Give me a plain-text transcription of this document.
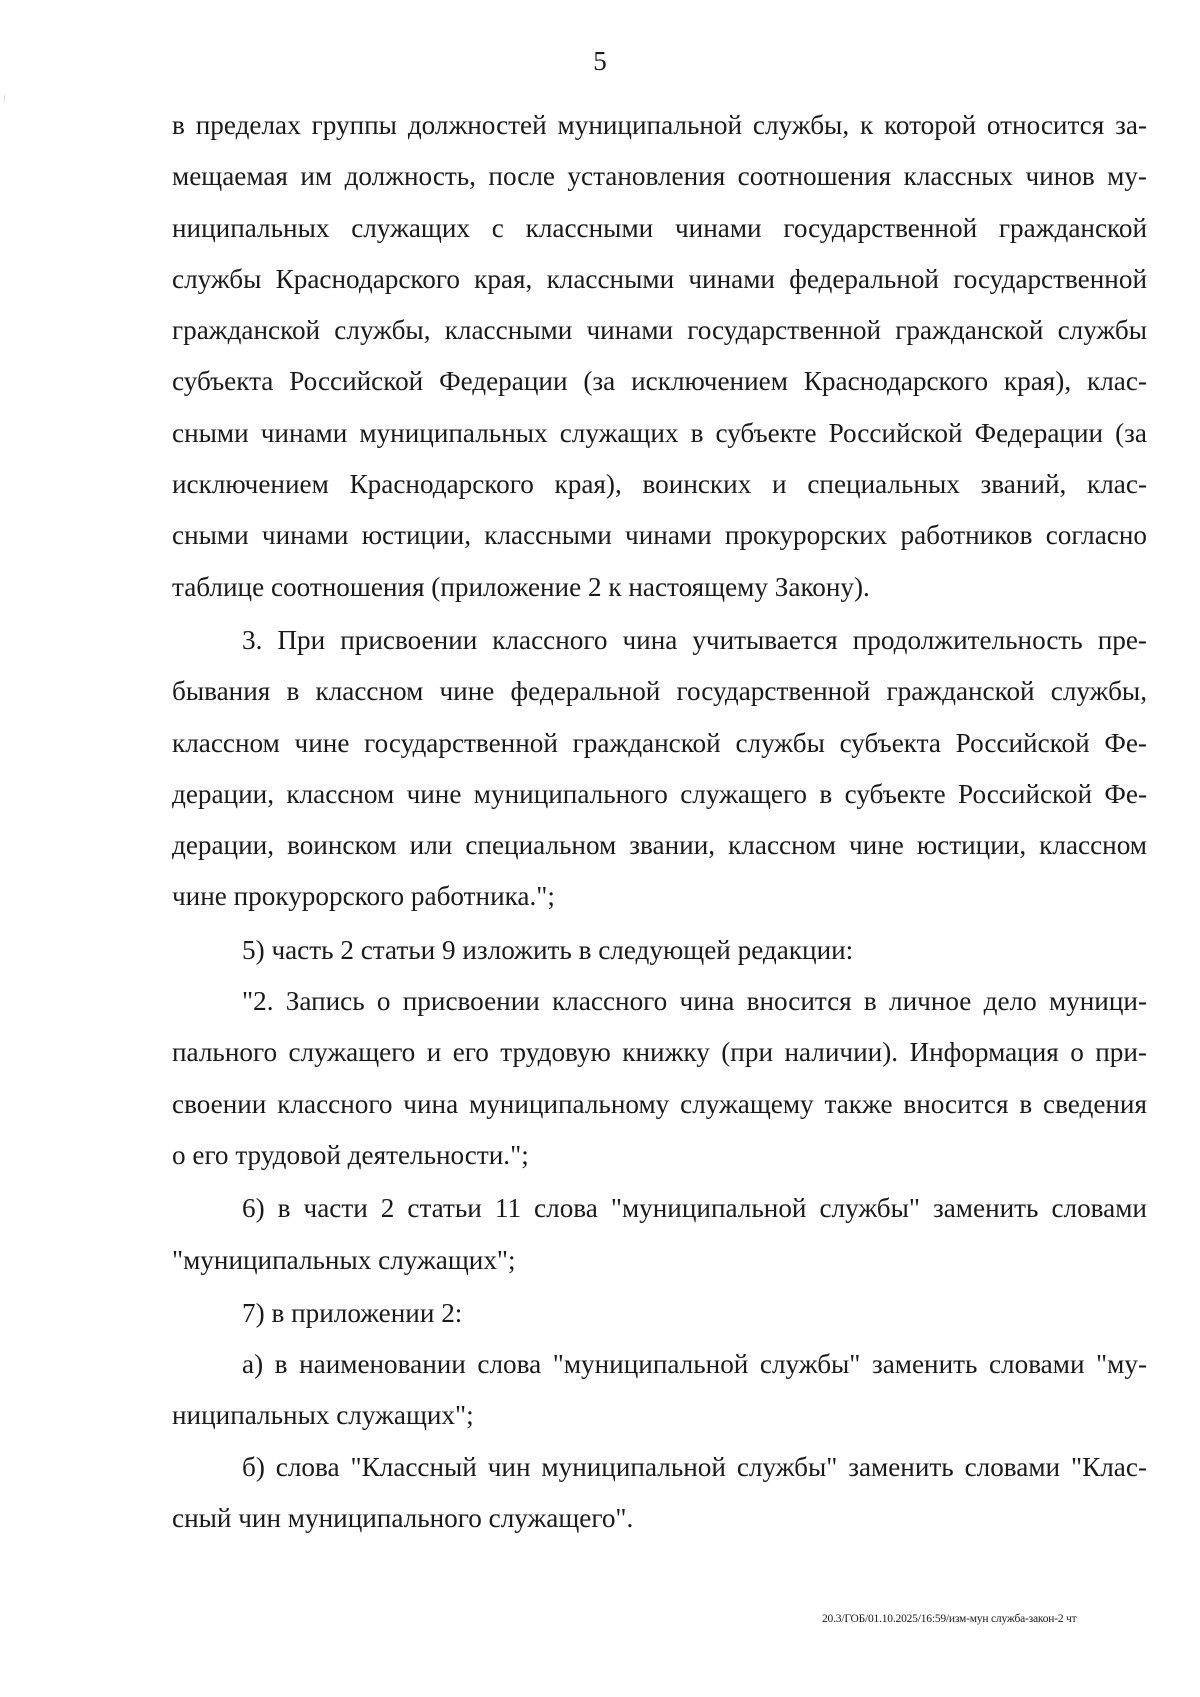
5
в пределах группы должностей муниципальной службы, к которой относится за-
мещаемая им должность, после установления соотношения классных чинов му-
ниципальных служащих с классными чинами государственной гражданской
службы Краснодарского края, классными чинами федеральной государственной
гражданской службы, классными чинами государственной гражданской службы
субъекта Российской Федерации (за исключением Краснодарского края), клас-
сными чинами муниципальных служащих в субъекте Российской Федерации (за
исключением Краснодарского края), воинских и специальных званий, клас-
сными чинами юстиции, классными чинами прокурорских работников согласно
таблице соотношения (приложение 2 к настоящему Закону).
3. При присвоении классного чина учитывается продолжительность пре-
бывания в классном чине федеральной государственной гражданской службы,
классном чине государственной гражданской службы субъекта Российской Фе-
дерации, классном чине муниципального служащего в субъекте Российской Фе-
дерации, воинском или специальном звании, классном чине юстиции, классном
чине прокурорского работника.";
5) часть 2 статьи 9 изложить в следующей редакции:
"2. Запись о присвоении классного чина вносится в личное дело муници-
пального служащего и его трудовую книжку (при наличии). Информация о при-
своении классного чина муниципальному служащему также вносится в сведения
о его трудовой деятельности.";
6) в части 2 статьи 11 слова "муниципальной службы" заменить словами
"муниципальных служащих";
7) в приложении 2:
а) в наименовании слова "муниципальной службы" заменить словами "му-
ниципальных служащих";
б) слова "Классный чин муниципальной службы" заменить словами "Клас-
сный чин муниципального служащего".
20.3/ГОБ/01.10.2025/16:59/изм-мун служба-закон-2 чт
